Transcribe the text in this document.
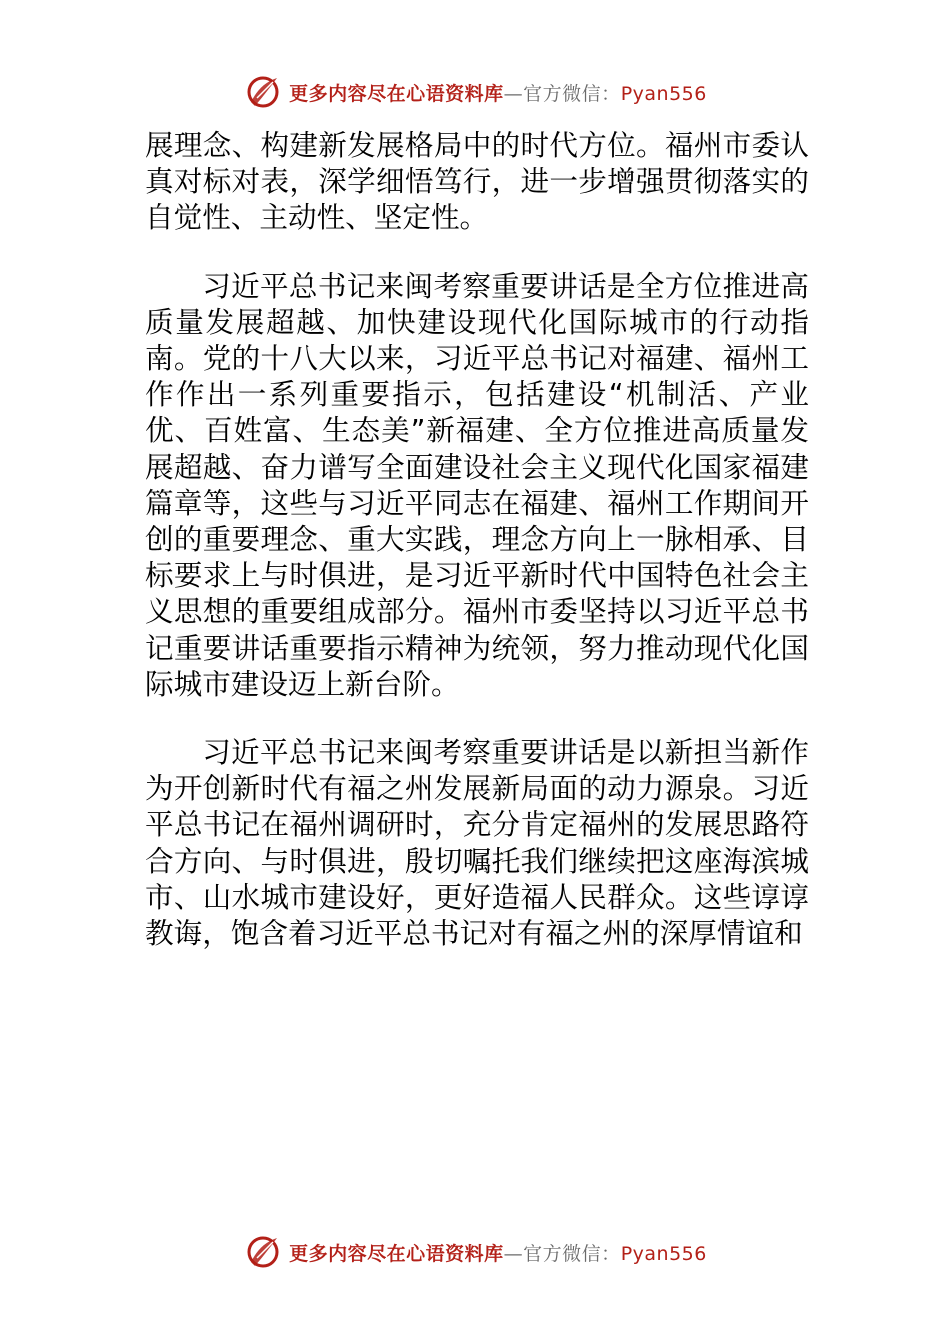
更多内容尽在心语资料库—官方微信：Pyan556

展理念、构建新发展格局中的时代方位。福州市委认真对标对表，深学细悟笃行，进一步增强贯彻落实的自觉性、主动性、坚定性。

习近平总书记来闽考察重要讲话是全方位推进高质量发展超越、加快建设现代化国际城市的行动指南。党的十八大以来，习近平总书记对福建、福州工作作出一系列重要指示，包括建设“机制活、产业优、百姓富、生态美”新福建、全方位推进高质量发展超越、奋力谱写全面建设社会主义现代化国家福建篇章等，这些与习近平同志在福建、福州工作期间开创的重要理念、重大实践，理念方向上一脉相承、目标要求上与时俱进，是习近平新时代中国特色社会主义思想的重要组成部分。福州市委坚持以习近平总书记重要讲话重要指示精神为统领，努力推动现代化国际城市建设迈上新台阶。

习近平总书记来闽考察重要讲话是以新担当新作为开创新时代有福之州发展新局面的动力源泉。习近平总书记在福州调研时，充分肯定福州的发展思路符合方向、与时俱进，殷切嘱托我们继续把这座海滨城市、山水城市建设好，更好造福人民群众。这些谆谆教诲，饱含着习近平总书记对有福之州的深厚情谊和

更多内容尽在心语资料库—官方微信：Pyan556
